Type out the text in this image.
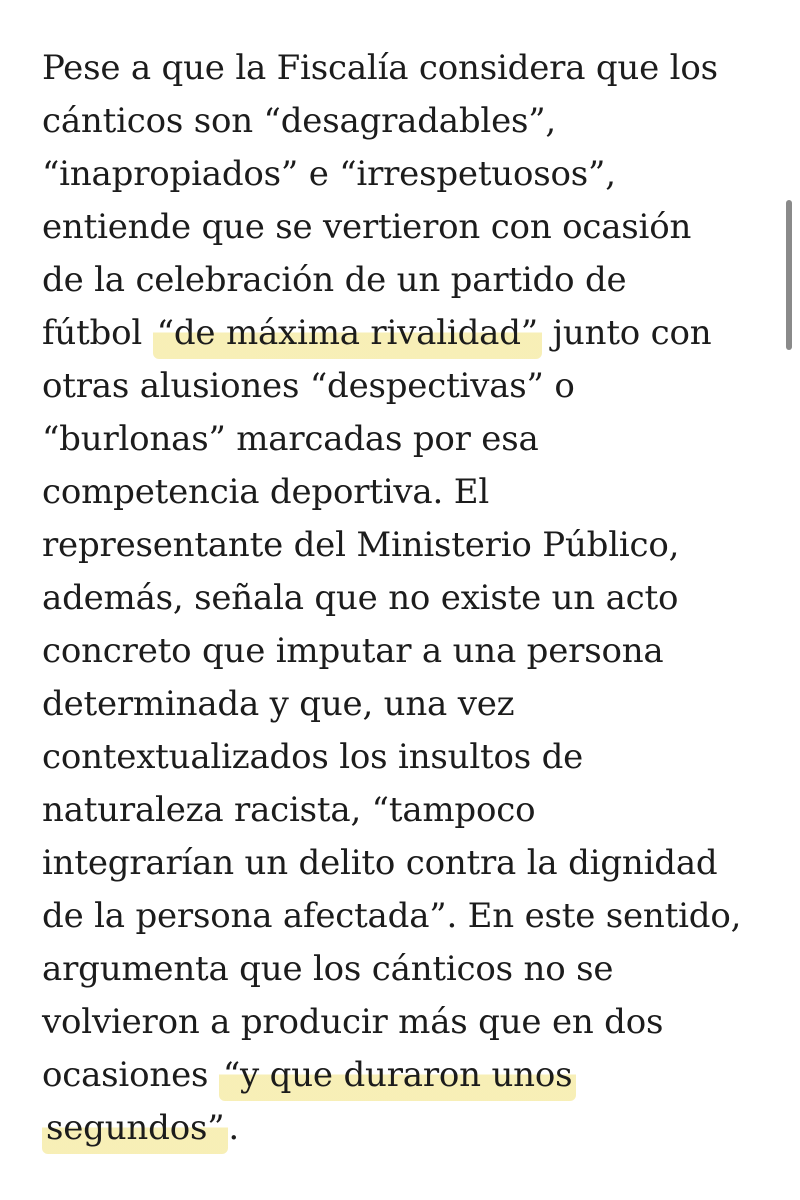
Pese a que la Fiscalía considera que los
cánticos son “desagradables”,
“inapropiados” e “irrespetuosos”,
entiende que se vertieron con ocasión
de la celebración de un partido de
fútbol “de máxima rivalidad” junto con
otras alusiones “despectivas” o
“burlonas” marcadas por esa
competencia deportiva. El
representante del Ministerio Público,
además, señala que no existe un acto
concreto que imputar a una persona
determinada y que, una vez
contextualizados los insultos de
naturaleza racista, “tampoco
integrarían un delito contra la dignidad
de la persona afectada”. En este sentido,
argumenta que los cánticos no se
volvieron a producir más que en dos
ocasiones “y que duraron unos
segundos” .
